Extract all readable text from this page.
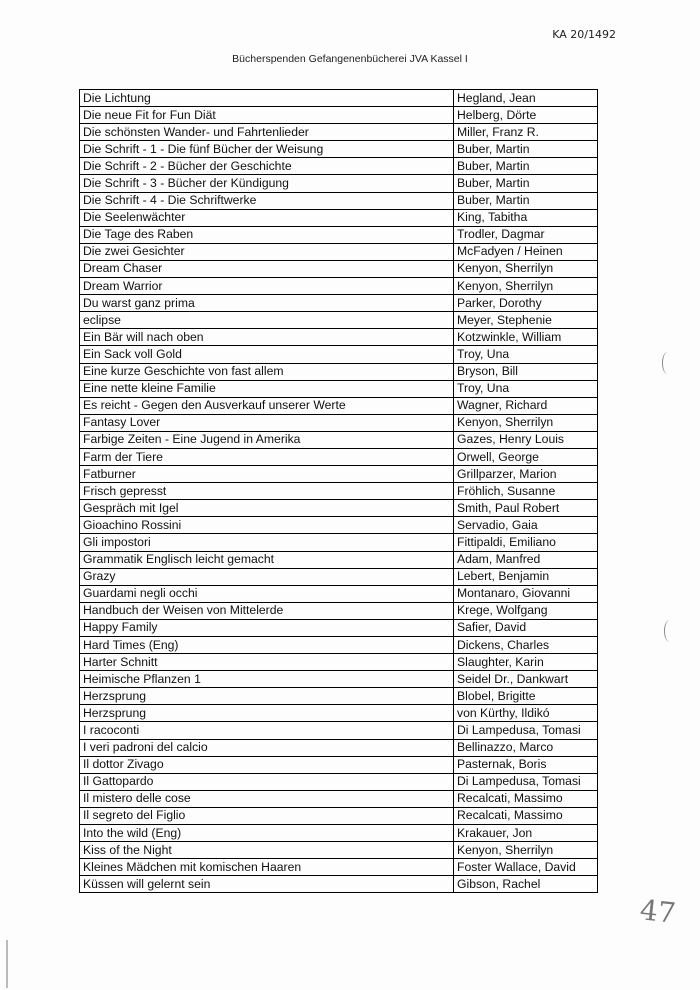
KA 20/1492
Bücherspenden Gefangenenbücherei JVA Kassel I
Die Lichtung	Hegland, Jean
Die neue Fit for Fun Diät	Helberg, Dörte
Die schönsten Wander- und Fahrtenlieder	Miller, Franz R.
Die Schrift - 1 - Die fünf Bücher der Weisung	Buber, Martin
Die Schrift - 2 - Bücher der Geschichte	Buber, Martin
Die Schrift - 3 - Bücher der Kündigung	Buber, Martin
Die Schrift - 4 - Die Schriftwerke	Buber, Martin
Die Seelenwächter	King, Tabitha
Die Tage des Raben	Trodler, Dagmar
Die zwei Gesichter	McFadyen / Heinen
Dream Chaser	Kenyon, Sherrilyn
Dream Warrior	Kenyon, Sherrilyn
Du warst ganz prima	Parker, Dorothy
eclipse	Meyer, Stephenie
Ein Bär will nach oben	Kotzwinkle, William
Ein Sack voll Gold	Troy, Una
Eine kurze Geschichte von fast allem	Bryson, Bill
Eine nette kleine Familie	Troy, Una
Es reicht - Gegen den Ausverkauf unserer Werte	Wagner, Richard
Fantasy Lover	Kenyon, Sherrilyn
Farbige Zeiten - Eine Jugend in Amerika	Gazes, Henry Louis
Farm der Tiere	Orwell, George
Fatburner	Grillparzer, Marion
Frisch gepresst	Fröhlich, Susanne
Gespräch mit Igel	Smith, Paul Robert
Gioachino Rossini	Servadio, Gaia
Gli impostori	Fittipaldi, Emiliano
Grammatik Englisch leicht gemacht	Adam, Manfred
Grazy	Lebert, Benjamin
Guardami negli occhi	Montanaro, Giovanni
Handbuch der Weisen von Mittelerde	Krege, Wolfgang
Happy Family	Safier, David
Hard Times (Eng)	Dickens, Charles
Harter Schnitt	Slaughter, Karin
Heimische Pflanzen 1	Seidel Dr., Dankwart
Herzsprung	Blobel, Brigitte
Herzsprung	von Kürthy, Ildikó
I racoconti	Di Lampedusa, Tomasi
I veri padroni del calcio	Bellinazzo, Marco
Il dottor Zivago	Pasternak, Boris
Il Gattopardo	Di Lampedusa, Tomasi
Il mistero delle cose	Recalcati, Massimo
Il segreto del Figlio	Recalcati, Massimo
Into the wild (Eng)	Krakauer, Jon
Kiss of the Night	Kenyon, Sherrilyn
Kleines Mädchen mit komischen Haaren	Foster Wallace, David
Küssen will gelernt sein	Gibson, Rachel
47
